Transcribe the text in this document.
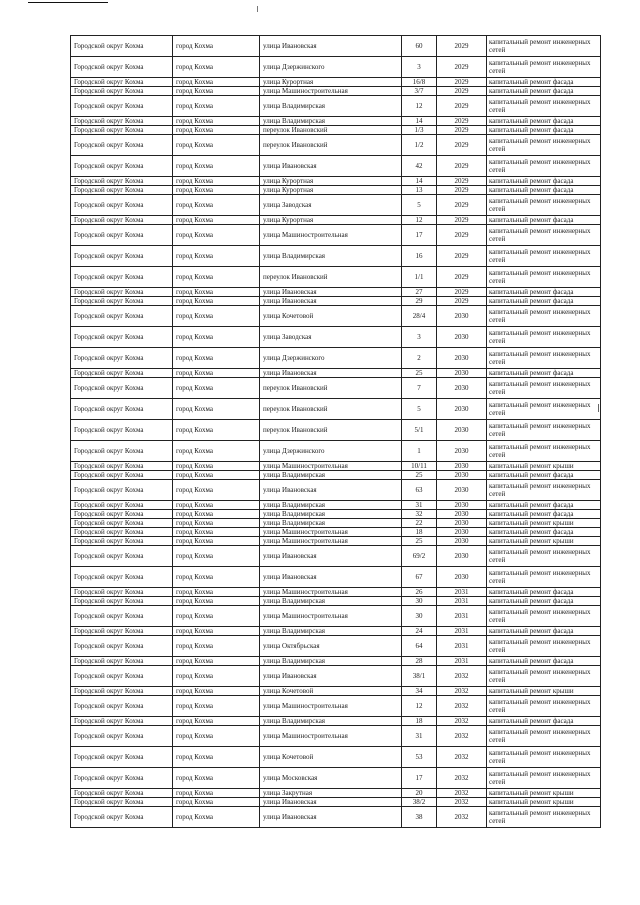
Городской округ Кохма	город Кохма	улица Ивановская	60	2029	капитальный ремонт инженерных сетей
Городской округ Кохма	город Кохма	улица Дзержинского	3	2029	капитальный ремонт инженерных сетей
Городской округ Кохма	город Кохма	улица Курортная	16/8	2029	капитальный ремонт фасада
Городской округ Кохма	город Кохма	улица Машиностроительная	3/7	2029	капитальный ремонт фасада
Городской округ Кохма	город Кохма	улица Владимирская	12	2029	капитальный ремонт инженерных сетей
Городской округ Кохма	город Кохма	улица Владимирская	14	2029	капитальный ремонт фасада
Городской округ Кохма	город Кохма	переулок Ивановский	1/3	2029	капитальный ремонт фасада
Городской округ Кохма	город Кохма	переулок Ивановский	1/2	2029	капитальный ремонт инженерных сетей
Городской округ Кохма	город Кохма	улица Ивановская	42	2029	капитальный ремонт инженерных сетей
Городской округ Кохма	город Кохма	улица Курортная	14	2029	капитальный ремонт фасада
Городской округ Кохма	город Кохма	улица Курортная	13	2029	капитальный ремонт фасада
Городской округ Кохма	город Кохма	улица Заводская	5	2029	капитальный ремонт инженерных сетей
Городской округ Кохма	город Кохма	улица Курортная	12	2029	капитальный ремонт фасада
Городской округ Кохма	город Кохма	улица Машиностроительная	17	2029	капитальный ремонт инженерных сетей
Городской округ Кохма	город Кохма	улица Владимирская	16	2029	капитальный ремонт инженерных сетей
Городской округ Кохма	город Кохма	переулок Ивановский	1/1	2029	капитальный ремонт инженерных сетей
Городской округ Кохма	город Кохма	улица Ивановская	27	2029	капитальный ремонт фасада
Городской округ Кохма	город Кохма	улица Ивановская	29	2029	капитальный ремонт фасада
Городской округ Кохма	город Кохма	улица Кочетовой	28/4	2030	капитальный ремонт инженерных сетей
Городской округ Кохма	город Кохма	улица Заводская	3	2030	капитальный ремонт инженерных сетей
Городской округ Кохма	город Кохма	улица Дзержинского	2	2030	капитальный ремонт инженерных сетей
Городской округ Кохма	город Кохма	улица Ивановская	25	2030	капитальный ремонт фасада
Городской округ Кохма	город Кохма	переулок Ивановский	7	2030	капитальный ремонт инженерных сетей
Городской округ Кохма	город Кохма	переулок Ивановский	5	2030	капитальный ремонт инженерных сетей
Городской округ Кохма	город Кохма	переулок Ивановский	5/1	2030	капитальный ремонт инженерных сетей
Городской округ Кохма	город Кохма	улица Дзержинского	1	2030	капитальный ремонт инженерных сетей
Городской округ Кохма	город Кохма	улица Машиностроительная	10/11	2030	капитальный ремонт крыши
Городской округ Кохма	город Кохма	улица Владимирская	25	2030	капитальный ремонт фасада
Городской округ Кохма	город Кохма	улица Ивановская	63	2030	капитальный ремонт инженерных сетей
Городской округ Кохма	город Кохма	улица Владимирская	31	2030	капитальный ремонт фасада
Городской округ Кохма	город Кохма	улица Владимирская	32	2030	капитальный ремонт фасада
Городской округ Кохма	город Кохма	улица Владимирская	22	2030	капитальный ремонт крыши
Городской округ Кохма	город Кохма	улица Машиностроительная	18	2030	капитальный ремонт фасада
Городской округ Кохма	город Кохма	улица Машиностроительная	25	2030	капитальный ремонт крыши
Городской округ Кохма	город Кохма	улица Ивановская	69/2	2030	капитальный ремонт инженерных сетей
Городской округ Кохма	город Кохма	улица Ивановская	67	2030	капитальный ремонт инженерных сетей
Городской округ Кохма	город Кохма	улица Машиностроительная	26	2031	капитальный ремонт фасада
Городской округ Кохма	город Кохма	улица Владимирская	30	2031	капитальный ремонт фасада
Городской округ Кохма	город Кохма	улица Машиностроительная	30	2031	капитальный ремонт инженерных сетей
Городской округ Кохма	город Кохма	улица Владимирская	24	2031	капитальный ремонт фасада
Городской округ Кохма	город Кохма	улица Октябрьская	64	2031	капитальный ремонт инженерных сетей
Городской округ Кохма	город Кохма	улица Владимирская	28	2031	капитальный ремонт фасада
Городской округ Кохма	город Кохма	улица Ивановская	38/1	2032	капитальный ремонт инженерных сетей
Городской округ Кохма	город Кохма	улица Кочетовой	34	2032	капитальный ремонт крыши
Городской округ Кохма	город Кохма	улица Машиностроительная	12	2032	капитальный ремонт инженерных сетей
Городской округ Кохма	город Кохма	улица Владимирская	18	2032	капитальный ремонт фасада
Городской округ Кохма	город Кохма	улица Машиностроительная	31	2032	капитальный ремонт инженерных сетей
Городской округ Кохма	город Кохма	улица Кочетовой	53	2032	капитальный ремонт инженерных сетей
Городской округ Кохма	город Кохма	улица Московская	17	2032	капитальный ремонт инженерных сетей
Городской округ Кохма	город Кохма	улица Закрутная	20	2032	капитальный ремонт крыши
Городской округ Кохма	город Кохма	улица Ивановская	38/2	2032	капитальный ремонт крыши
Городской округ Кохма	город Кохма	улица Ивановская	38	2032	капитальный ремонт инженерных сетей
